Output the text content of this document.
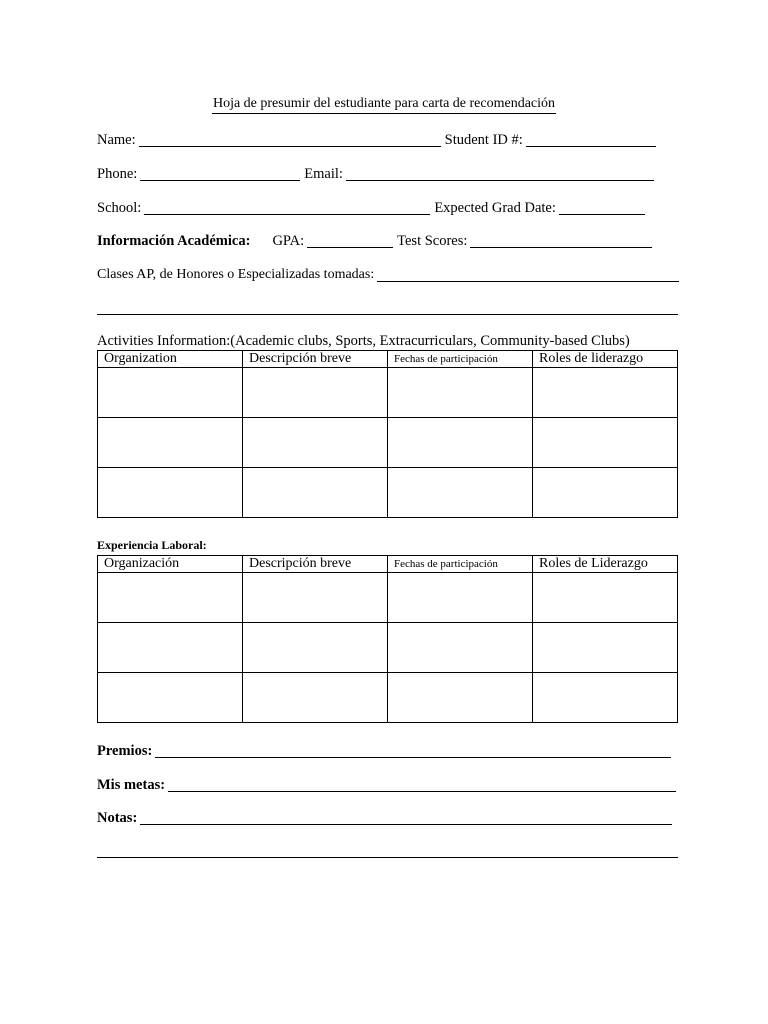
Hoja de presumir del estudiante para carta de recomendación
Name:	Student ID #:
Phone:	Email:
School:	Expected Grad Date:
Información Académica: GPA:	Test Scores:
Clases AP, de Honores o Especializadas tomadas:
Activities Information:(Academic clubs, Sports, Extracurriculars, Community-based Clubs)
Organization	Descripción breve	Fechas de participación	Roles de liderazgo

Experiencia Laboral:
Organización	Descripción breve	Fechas de participación	Roles de Liderazgo

Premios:
Mis metas:
Notas:
